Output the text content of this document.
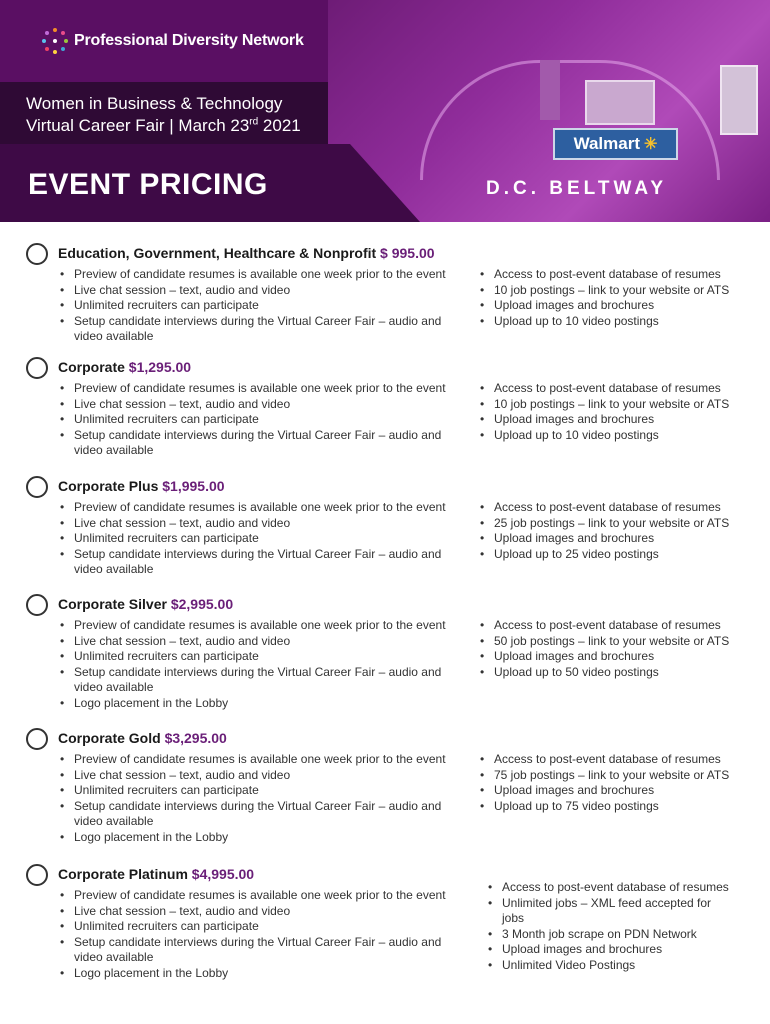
Walmart ✳
Professional Diversity Network
Women in Business & Technology
Virtual Career Fair | March 23rd 2021
EVENT PRICING	D.C. BELTWAY
Education, Government, Healthcare & Nonprofit $ 995.00
• Preview of candidate resumes is available one week prior to the event
• Live chat session – text, audio and video
• Unlimited recruiters can participate
• Setup candidate interviews during the Virtual Career Fair – audio and video available
• Access to post-event database of resumes
• 10 job postings – link to your website or ATS
• Upload images and brochures
• Upload up to 10 video postings
Corporate $1,295.00
• Preview of candidate resumes is available one week prior to the event
• Live chat session – text, audio and video
• Unlimited recruiters can participate
• Setup candidate interviews during the Virtual Career Fair – audio and video available
• Access to post-event database of resumes
• 10 job postings – link to your website or ATS
• Upload images and brochures
• Upload up to 10 video postings
Corporate Plus $1,995.00
• Preview of candidate resumes is available one week prior to the event
• Live chat session – text, audio and video
• Unlimited recruiters can participate
• Setup candidate interviews during the Virtual Career Fair – audio and video available
• Access to post-event database of resumes
• 25 job postings – link to your website or ATS
• Upload images and brochures
• Upload up to 25 video postings
Corporate Silver $2,995.00
• Preview of candidate resumes is available one week prior to the event
• Live chat session – text, audio and video
• Unlimited recruiters can participate
• Setup candidate interviews during the Virtual Career Fair – audio and video available
• Logo placement in the Lobby
• Access to post-event database of resumes
• 50 job postings – link to your website or ATS
• Upload images and brochures
• Upload up to 50 video postings
Corporate Gold $3,295.00
• Preview of candidate resumes is available one week prior to the event
• Live chat session – text, audio and video
• Unlimited recruiters can participate
• Setup candidate interviews during the Virtual Career Fair – audio and video available
• Logo placement in the Lobby
• Access to post-event database of resumes
• 75 job postings – link to your website or ATS
• Upload images and brochures
• Upload up to 75 video postings
Corporate Platinum $4,995.00
• Preview of candidate resumes is available one week prior to the event
• Live chat session – text, audio and video
• Unlimited recruiters can participate
• Setup candidate interviews during the Virtual Career Fair – audio and video available
• Logo placement in the Lobby
• Access to post-event database of resumes
• Unlimited jobs – XML feed accepted for jobs
• 3 Month job scrape on PDN Network
• Upload images and brochures
• Unlimited Video Postings
